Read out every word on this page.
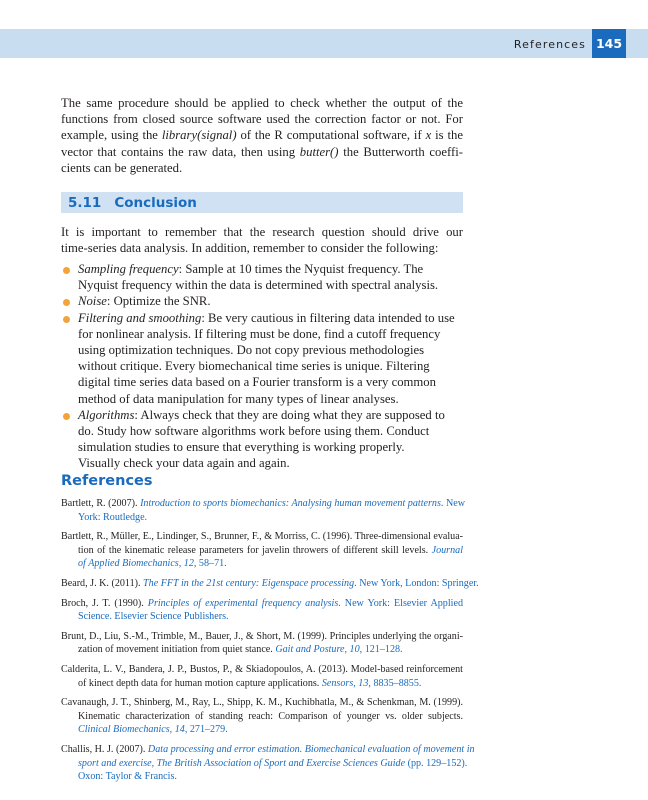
References 145
The same procedure should be applied to check whether the output of the
functions from closed source software used the correction factor or not. For
example, using the library(signal) of the R computational software, if x is the
vector that contains the raw data, then using butter() the Butterworth coeffi-
cients can be generated.
5.11 Conclusion
It is important to remember that the research question should drive our
time-series data analysis. In addition, remember to consider the following:
Sampling frequency: Sample at 10 times the Nyquist frequency. The
Nyquist frequency within the data is determined with spectral analysis.
Noise: Optimize the SNR.
Filtering and smoothing: Be very cautious in filtering data intended to use
for nonlinear analysis. If filtering must be done, find a cutoff frequency
using optimization techniques. Do not copy previous methodologies
without critique. Every biomechanical time series is unique. Filtering
digital time series data based on a Fourier transform is a very common
method of data manipulation for many types of linear analyses.
Algorithms: Always check that they are doing what they are supposed to
do. Study how software algorithms work before using them. Conduct
simulation studies to ensure that everything is working properly.
Visually check your data again and again.
References
Bartlett, R. (2007). Introduction to sports biomechanics: Analysing human movement patterns. New
York: Routledge.
Bartlett, R., Müller, E., Lindinger, S., Brunner, F., & Morriss, C. (1996). Three-dimensional evalua-
tion of the kinematic release parameters for javelin throwers of different skill levels. Journal
of Applied Biomechanics, 12, 58–71.
Beard, J. K. (2011). The FFT in the 21st century: Eigenspace processing. New York, London: Springer.
Broch, J. T. (1990). Principles of experimental frequency analysis. New York: Elsevier Applied
Science. Elsevier Science Publishers.
Brunt, D., Liu, S.-M., Trimble, M., Bauer, J., & Short, M. (1999). Principles underlying the organi-
zation of movement initiation from quiet stance. Gait and Posture, 10, 121–128.
Calderita, L. V., Bandera, J. P., Bustos, P., & Skiadopoulos, A. (2013). Model-based reinforcement
of kinect depth data for human motion capture applications. Sensors, 13, 8835–8855.
Cavanaugh, J. T., Shinberg, M., Ray, L., Shipp, K. M., Kuchibhatla, M., & Schenkman, M. (1999).
Kinematic characterization of standing reach: Comparison of younger vs. older subjects.
Clinical Biomechanics, 14, 271–279.
Challis, H. J. (2007). Data processing and error estimation. Biomechanical evaluation of movement in
sport and exercise, The British Association of Sport and Exercise Sciences Guide (pp. 129–152).
Oxon: Taylor & Francis.
